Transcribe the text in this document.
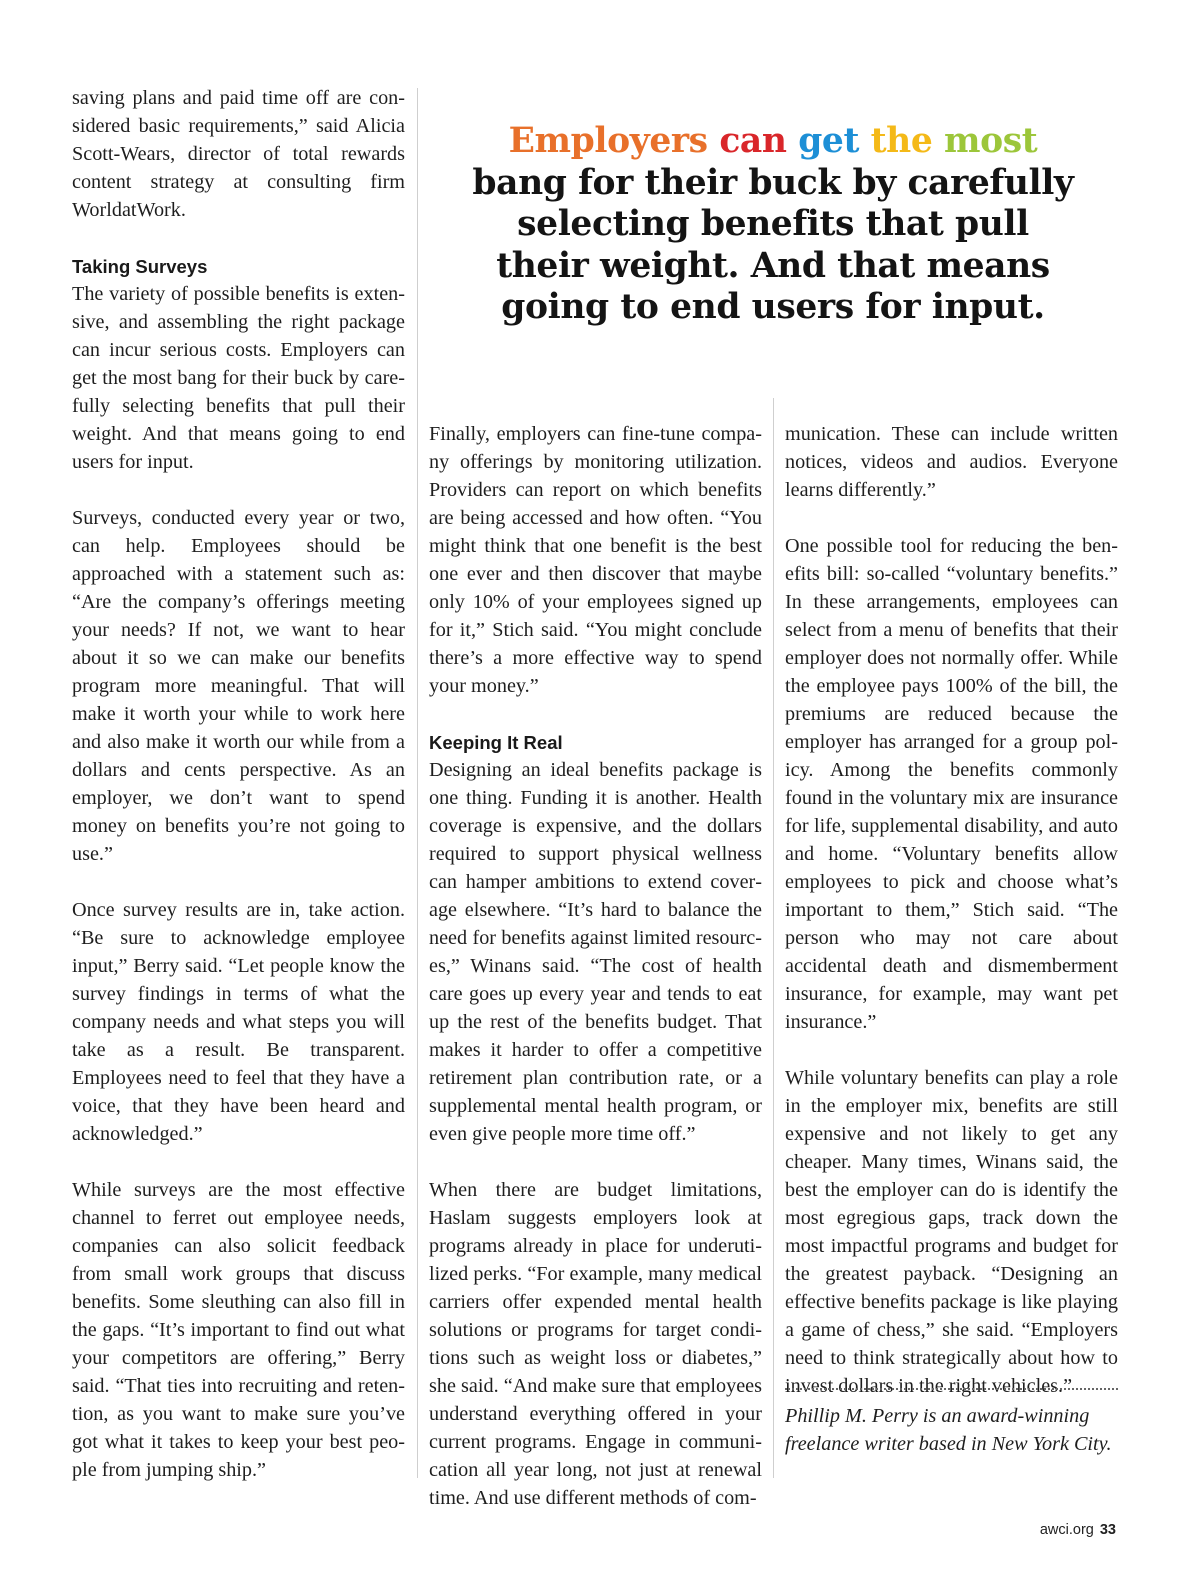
Employers can get the most
bang for their buck by carefully
selecting benefits that pull
their weight. And that means
going to end users for input.

saving plans and paid time off are considered basic requirements,” said Alicia Scott-Wears, director of total rewards content strategy at consulting firm WorldatWork.

Taking Surveys

The variety of possible benefits is extensive, and assembling the right package can incur serious costs. Employers can get the most bang for their buck by carefully selecting benefits that pull their weight. And that means going to end users for input.

Surveys, conducted every year or two, can help. Employees should be approached with a statement such as: “Are the company’s offerings meeting your needs? If not, we want to hear about it so we can make our benefits program more meaningful. That will make it worth your while to work here and also make it worth our while from a dollars and cents perspective. As an employer, we don’t want to spend money on benefits you’re not going to use.”

Once survey results are in, take action. “Be sure to acknowledge employee input,” Berry said. “Let people know the survey findings in terms of what the company needs and what steps you will take as a result. Be transparent. Employees need to feel that they have a voice, that they have been heard and acknowledged.”

While surveys are the most effective channel to ferret out employee needs, companies can also solicit feedback from small work groups that discuss benefits. Some sleuthing can also fill in the gaps. “It’s important to find out what your competitors are offering,” Berry said. “That ties into recruiting and retention, as you want to make sure you’ve got what it takes to keep your best people from jumping ship.”

Finally, employers can fine-tune company offerings by monitoring utilization. Providers can report on which benefits are being accessed and how often. “You might think that one benefit is the best one ever and then discover that maybe only 10% of your employees signed up for it,” Stich said. “You might conclude there’s a more effective way to spend your money.”

Keeping It Real

Designing an ideal benefits package is one thing. Funding it is another. Health coverage is expensive, and the dollars required to support physical wellness can hamper ambitions to extend coverage elsewhere. “It’s hard to balance the need for benefits against limited resources,” Winans said. “The cost of health care goes up every year and tends to eat up the rest of the benefits budget. That makes it harder to offer a competitive retirement plan contribution rate, or a supplemental mental health program, or even give people more time off.”

When there are budget limitations, Haslam suggests employers look at programs already in place for underutilized perks. “For example, many medical carriers offer expended mental health solutions or programs for target conditions such as weight loss or diabetes,” she said. “And make sure that employees understand everything offered in your current programs. Engage in communication all year long, not just at renewal time. And use different methods of com-

munication. These can include written notices, videos and audios. Everyone learns differently.”

One possible tool for reducing the benefits bill: so-called “voluntary benefits.” In these arrangements, employees can select from a menu of benefits that their employer does not normally offer. While the employee pays 100% of the bill, the premiums are reduced because the employer has arranged for a group policy. Among the benefits commonly found in the voluntary mix are insurance for life, supplemental disability, and auto and home. “Voluntary benefits allow employees to pick and choose what’s important to them,” Stich said. “The person who may not care about accidental death and dismemberment insurance, for example, may want pet insurance.”

While voluntary benefits can play a role in the employer mix, benefits are still expensive and not likely to get any cheaper. Many times, Winans said, the best the employer can do is identify the most egregious gaps, track down the most impactful programs and budget for the greatest payback. “Designing an effective benefits package is like playing a game of chess,” she said. “Employers need to think strategically about how to invest dollars in the right vehicles.”

Phillip M. Perry is an award-winning freelance writer based in New York City.
awci.org 33
